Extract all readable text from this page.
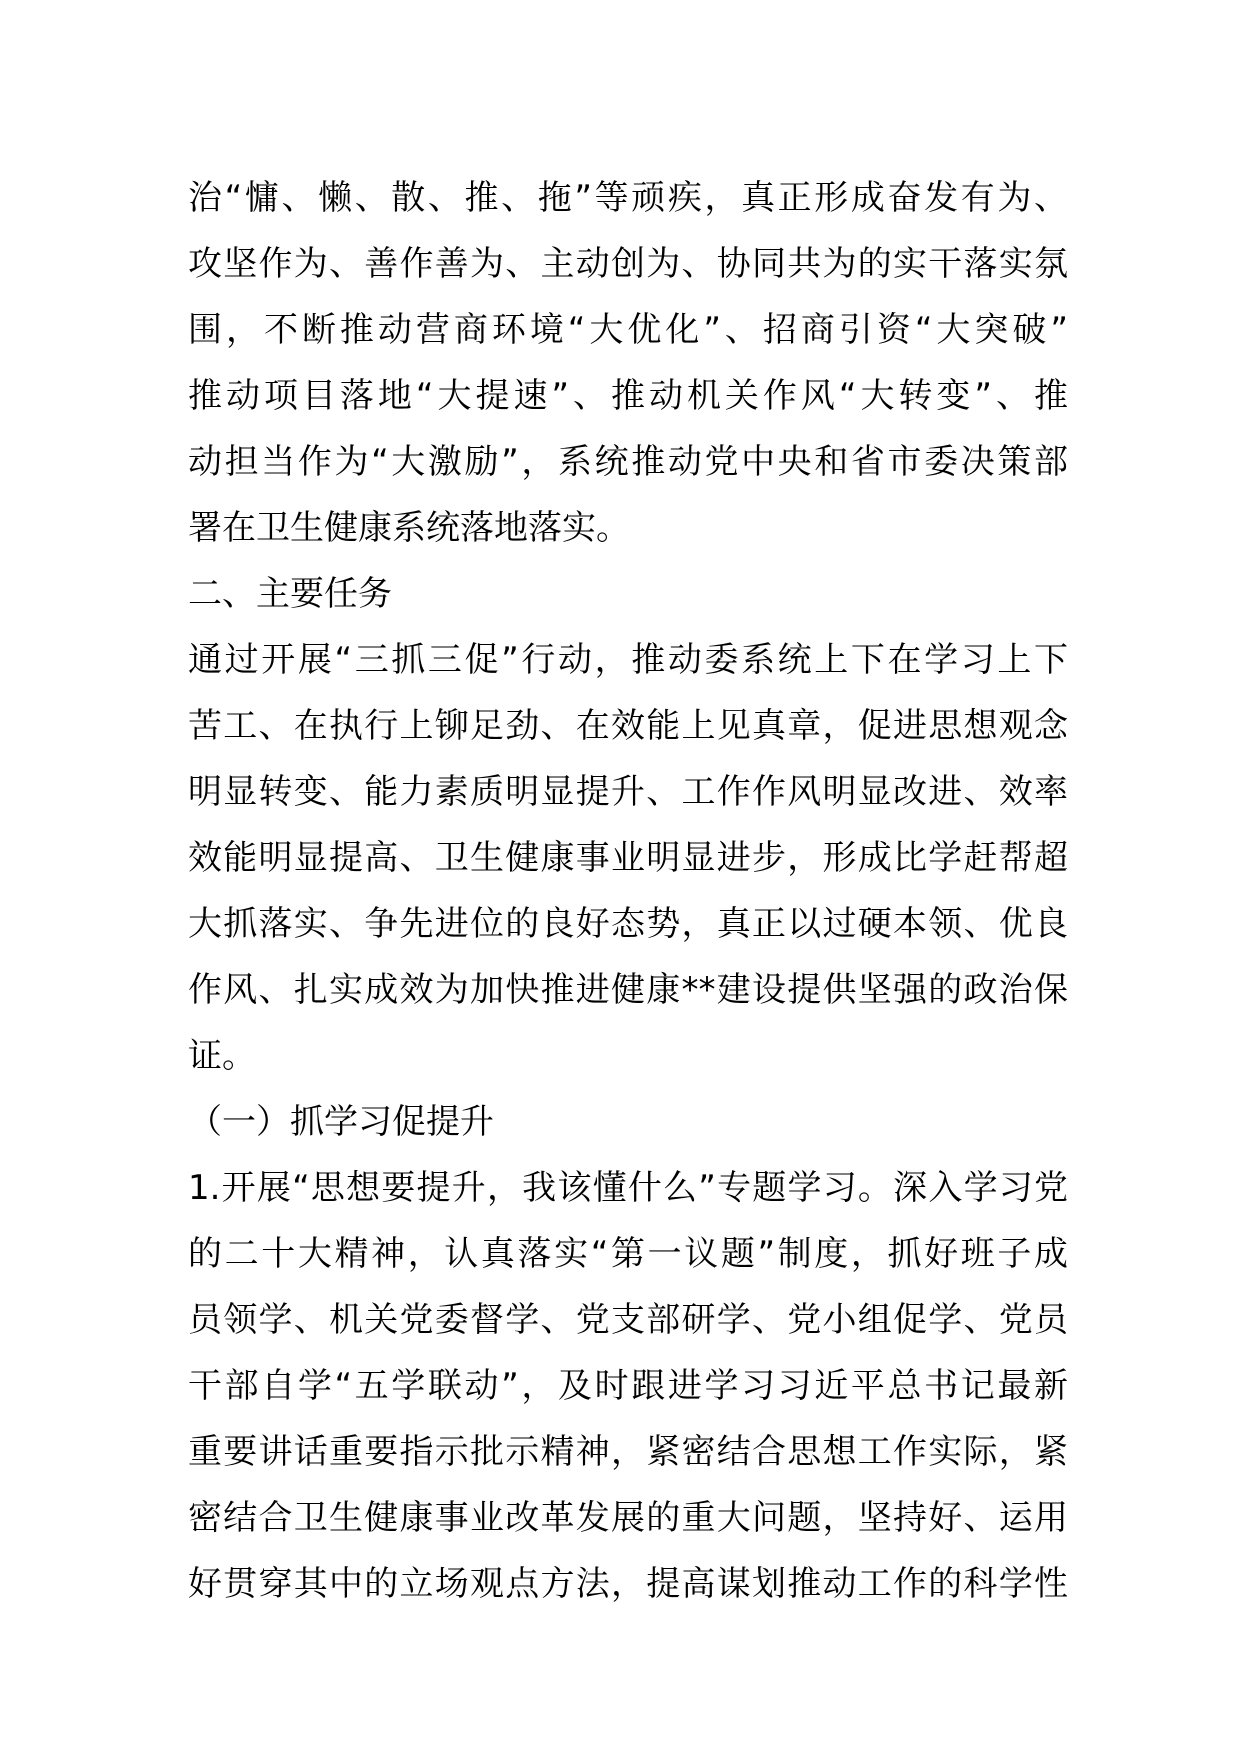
治“慵、懒、散、推、拖”等顽疾，真正形成奋发有为、
攻坚作为、善作善为、主动创为、协同共为的实干落实氛
围，不断推动营商环境“大优化”、招商引资“大突破”
推动项目落地“大提速”、推动机关作风“大转变”、推
动担当作为“大激励”，系统推动党中央和省市委决策部
署在卫生健康系统落地落实。
二、主要任务
通过开展“三抓三促”行动，推动委系统上下在学习上下
苦工、在执行上铆足劲、在效能上见真章，促进思想观念
明显转变、能力素质明显提升、工作作风明显改进、效率
效能明显提高、卫生健康事业明显进步，形成比学赶帮超
大抓落实、争先进位的良好态势，真正以过硬本领、优良
作风、扎实成效为加快推进健康**建设提供坚强的政治保
证。
（一）抓学习促提升
1.开展“思想要提升，我该懂什么”专题学习。深入学习党
的二十大精神，认真落实“第一议题”制度，抓好班子成
员领学、机关党委督学、党支部研学、党小组促学、党员
干部自学“五学联动”，及时跟进学习习近平总书记最新
重要讲话重要指示批示精神，紧密结合思想工作实际，紧
密结合卫生健康事业改革发展的重大问题，坚持好、运用
好贯穿其中的立场观点方法，提高谋划推动工作的科学性
